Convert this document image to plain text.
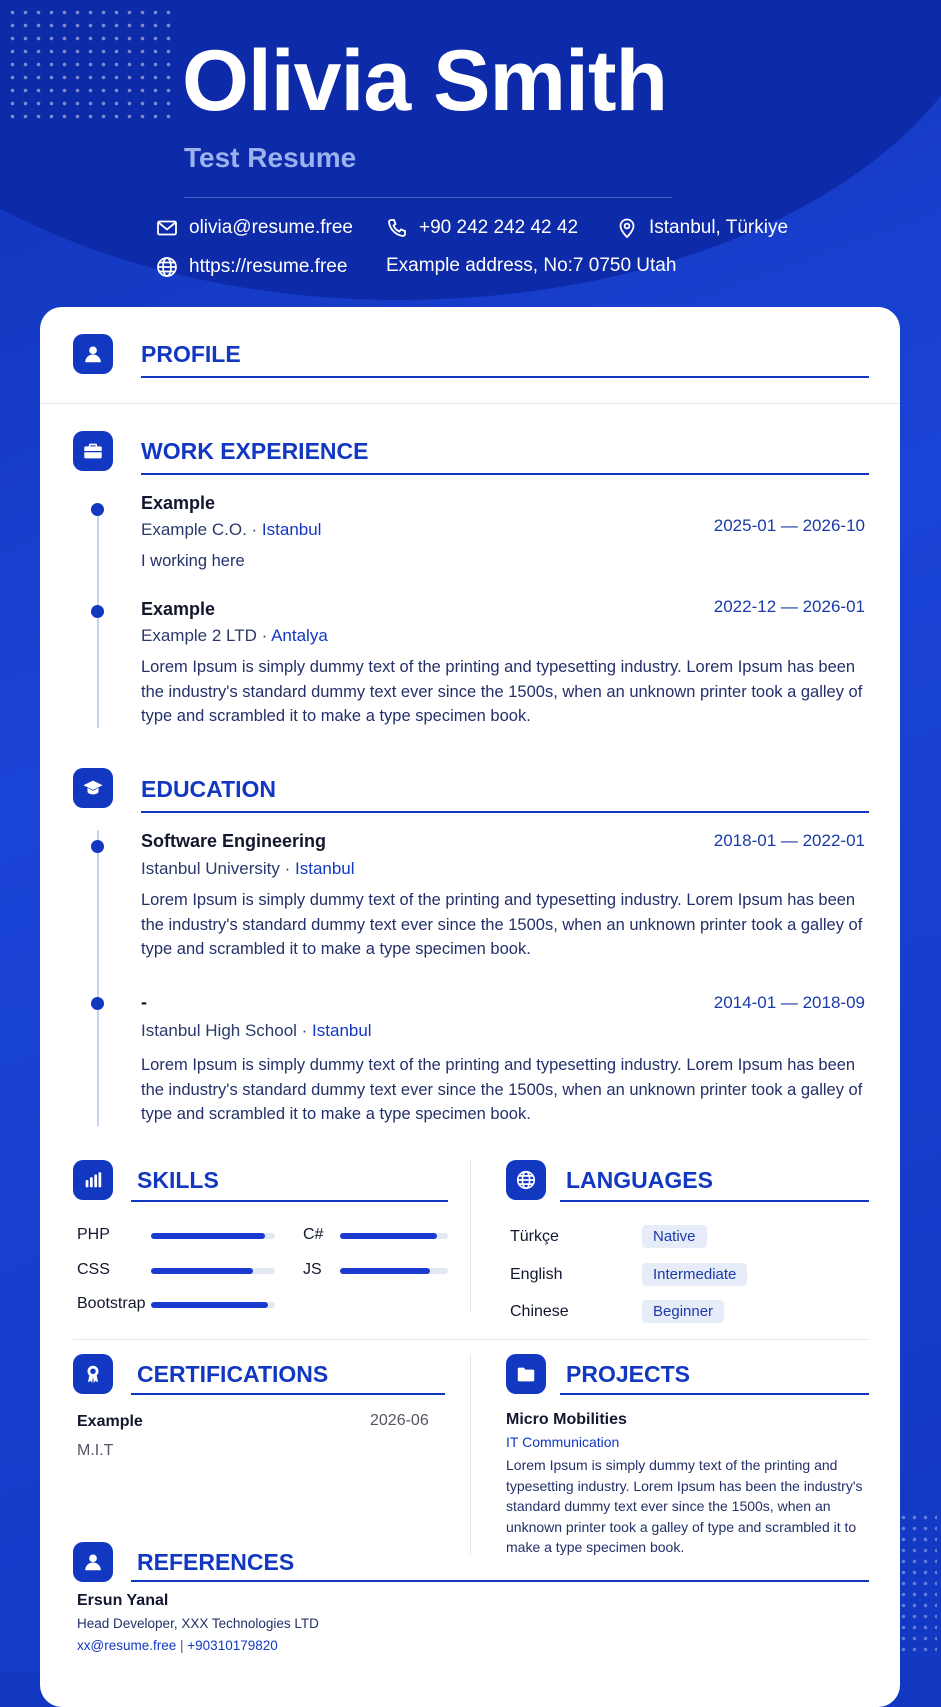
Olivia Smith
Test Resume
olivia@resume.free	+90 242 242 42 42	Istanbul, Türkiye
https://resume.free Example address, No:7 0750 Utah
PROFILE
WORK EXPERIENCE
Example
Example C.O. · Istanbul	2025-01 — 2026-10
I working here
Example
Example 2 LTD · Antalya
2022-12 — 2026-01
Lorem Ipsum is simply dummy text of the printing and typesetting industry. Lorem Ipsum has been the industry's standard dummy text ever since the 1500s, when an unknown printer took a galley of type and scrambled it to make a type specimen book.
EDUCATION
Software Engineering
Istanbul University · Istanbul
2018-01 — 2022-01
Lorem Ipsum is simply dummy text of the printing and typesetting industry. Lorem Ipsum has been the industry's standard dummy text ever since the 1500s, when an unknown printer took a galley of type and scrambled it to make a type specimen book.
-
Istanbul High School · Istanbul
2014-01 — 2018-09
Lorem Ipsum is simply dummy text of the printing and typesetting industry. Lorem Ipsum has been the industry's standard dummy text ever since the 1500s, when an unknown printer took a galley of type and scrambled it to make a type specimen book.
SKILLS
PHP	C#
CSS	JS
Bootstrap
LANGUAGES
Türkçe	Native
English	Intermediate
Chinese	Beginner
CERTIFICATIONS
Example	2026-06
M.I.T
PROJECTS
Micro Mobilities
IT Communication
Lorem Ipsum is simply dummy text of the printing and typesetting industry. Lorem Ipsum has been the industry's standard dummy text ever since the 1500s, when an unknown printer took a galley of type and scrambled it to make a type specimen book.
REFERENCES
Ersun Yanal
Head Developer, XXX Technologies LTD
xx@resume.free | +90310179820
